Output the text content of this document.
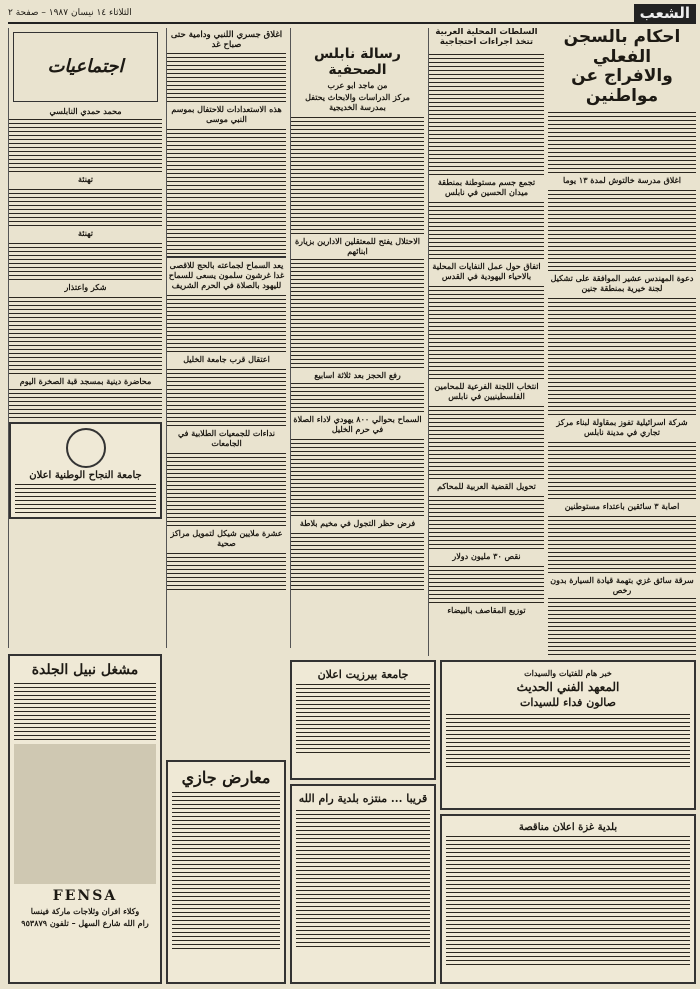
الشعب
الثلاثاء ١٤ نيسان ١٩٨٧ – صفحة ٢
احكام بالسجن الفعلي
والافراج عن مواطنين
اغلاق مدرسة خالتوش لمدة ١٣ يوما
دعوة المهندس عشير الموافقة على تشكيل لجنة خيرية بمنطقة جنين
شركة اسرائيلية تفوز بمقاولة لبناء مركز تجاري في مدينة نابلس
اصابة ٣ سائقين باعتداء مستوطنين
سرقة سائق غزي بتهمة قيادة السيارة بدون رخص
السلطات المحلية العربية تتخذ اجراءات احتجاجية
تجمع جسم مستوطنة بمنطقة ميدان الحسين في نابلس
اتفاق حول عمل النفايات المحلية بالاحياء اليهودية في القدس
انتخاب اللجنة الفرعية للمحامين الفلسطينيين في نابلس
تحويل القضية العربية للمحاكم
نقص ٣٠ مليون دولار
توزيع المقاصف بالبيضاء
رسالة نابلس الصحفية
من ماجد ابو عرب
مركز الدراسات والابحاث يحتفل بمدرسة الخديجية
الاحتلال يفتح للمعتقلين الادارين بزيارة ابنائهم
رفع الحجز بعد ثلاثة اسابيع
السماح بحوالي ٨٠٠ يهودي لاداء الصلاة في حرم الخليل
فرض حظر التجول في مخيم بلاطة
اغلاق جسري اللنبي ودامية حتى صباح غد
هذه الاستعدادات للاحتفال بموسم النبي موسى
يعد السماح لجماعته بالحج للاقصى غدا غرشون سلمون يسعى للسماح لليهود بالصلاة في الحرم الشريف
اعتقال قرب جامعة الخليل
نداءات للجمعيات الطلابية في الجامعات
عشرة ملايين شيكل لتمويل مراكز صحية
اجتماعيات
محمد حمدي النابلسي
تهنئة
تهنئة
شكر واعتذار
محاضرة دينية بمسجد قبة الصخرة اليوم
جامعة النجاح الوطنية اعلان
خبر هام للفتيات والسيدات
المعهد الفني الحديث
صالون فداء للسيدات
بلدية غزة اعلان مناقصة
جامعة بيرزيت اعلان
قريبا ... منتزه بلدية رام الله
معارض جازي
مشغل نبيل الجلدة
FENSA
وكلاء افران وثلاجات ماركة فينسا
رام الله شارع السهل – تلفون ٩٥٣٨٧٩
